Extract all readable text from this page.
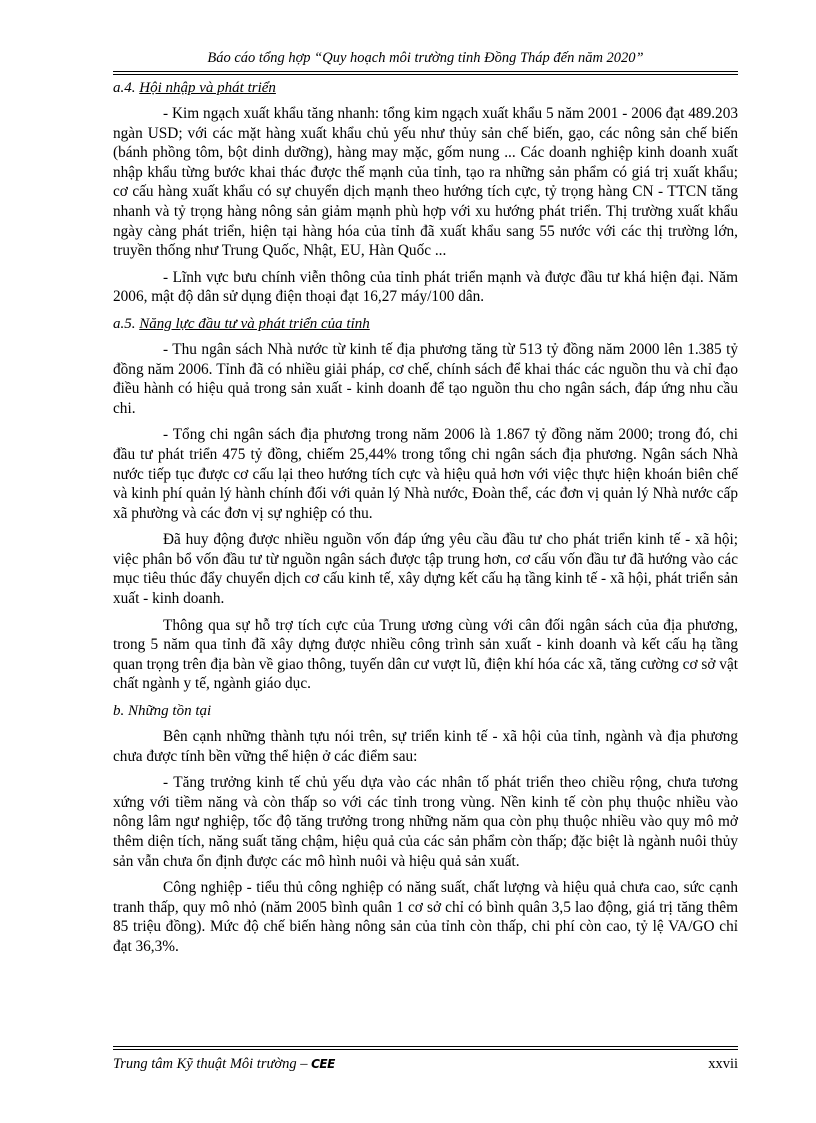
Báo cáo tổng hợp “Quy hoạch môi trường tỉnh Đồng Tháp đến năm 2020”
a.4. Hội nhập và phát triển

- Kim ngạch xuất khẩu tăng nhanh: tổng kim ngạch xuất khẩu 5 năm 2001 - 2006 đạt 489.203 ngàn USD; với các mặt hàng xuất khẩu chủ yếu như thủy sản chế biến, gạo, các nông sản chế biến (bánh phồng tôm, bột dinh dưỡng), hàng may mặc, gốm nung ... Các doanh nghiệp kinh doanh xuất nhập khẩu từng bước khai thác được thế mạnh của tỉnh, tạo ra những sản phẩm có giá trị xuất khẩu; cơ cấu hàng xuất khẩu có sự chuyển dịch mạnh theo hướng tích cực, tỷ trọng hàng CN - TTCN tăng nhanh và tỷ trọng hàng nông sản giảm mạnh phù hợp với xu hướng phát triển. Thị trường xuất khẩu ngày càng phát triển, hiện tại hàng hóa của tỉnh đã xuất khẩu sang 55 nước với các thị trường lớn, truyền thống như Trung Quốc, Nhật, EU, Hàn Quốc ...

- Lĩnh vực bưu chính viễn thông của tỉnh phát triển mạnh và được đầu tư khá hiện đại. Năm 2006, mật độ dân sử dụng điện thoại đạt 16,27 máy/100 dân.

a.5. Năng lực đầu tư và phát triển của tỉnh

- Thu ngân sách Nhà nước từ kinh tế địa phương tăng từ 513 tỷ đồng năm 2000 lên 1.385 tỷ đồng năm 2006. Tỉnh đã có nhiều giải pháp, cơ chế, chính sách để khai thác các nguồn thu và chỉ đạo điều hành có hiệu quả trong sản xuất - kinh doanh để tạo nguồn thu cho ngân sách, đáp ứng nhu cầu chi.

- Tổng chi ngân sách địa phương trong năm 2006 là 1.867 tỷ đồng năm 2000; trong đó, chi đầu tư phát triển 475 tỷ đồng, chiếm 25,44% trong tổng chi ngân sách địa phương. Ngân sách Nhà nước tiếp tục được cơ cấu lại theo hướng tích cực và hiệu quả hơn với việc thực hiện khoán biên chế và kinh phí quản lý hành chính đối với quản lý Nhà nước, Đoàn thể, các đơn vị quản lý Nhà nước cấp xã phường và các đơn vị sự nghiệp có thu.

Đã huy động được nhiều nguồn vốn đáp ứng yêu cầu đầu tư cho phát triển kinh tế - xã hội; việc phân bổ vốn đầu tư từ nguồn ngân sách được tập trung hơn, cơ cấu vốn đầu tư đã hướng vào các mục tiêu thúc đẩy chuyển dịch cơ cấu kinh tế, xây dựng kết cấu hạ tầng kinh tế - xã hội, phát triển sản xuất - kinh doanh.

Thông qua sự hỗ trợ tích cực của Trung ương cùng với cân đối ngân sách của địa phương, trong 5 năm qua tỉnh đã xây dựng được nhiều công trình sản xuất - kinh doanh và kết cấu hạ tầng quan trọng trên địa bàn về giao thông, tuyến dân cư vượt lũ, điện khí hóa các xã, tăng cường cơ sở vật chất ngành y tế, ngành giáo dục.

b. Những tồn tại

Bên cạnh những thành tựu nói trên, sự triển kinh tế - xã hội của tỉnh, ngành và địa phương chưa được tính bền vững thể hiện ở các điểm sau:

- Tăng trưởng kinh tế chủ yếu dựa vào các nhân tố phát triển theo chiều rộng, chưa tương xứng với tiềm năng và còn thấp so với các tỉnh trong vùng. Nền kinh tế còn phụ thuộc nhiều vào nông lâm ngư nghiệp, tốc độ tăng trưởng trong những năm qua còn phụ thuộc nhiều vào quy mô mở thêm diện tích, năng suất tăng chậm, hiệu quả của các sản phẩm còn thấp; đặc biệt là ngành nuôi thủy sản vẫn chưa ổn định được các mô hình nuôi và hiệu quả sản xuất.

Công nghiệp - tiểu thủ công nghiệp có năng suất, chất lượng và hiệu quả chưa cao, sức cạnh tranh thấp, quy mô nhỏ (năm 2005 bình quân 1 cơ sở chỉ có bình quân 3,5 lao động, giá trị tăng thêm 85 triệu đồng). Mức độ chế biến hàng nông sản của tỉnh còn thấp, chi phí còn cao, tỷ lệ VA/GO chỉ đạt 36,3%.

Trung tâm Kỹ thuật Môi trường – CEE	xxvii
